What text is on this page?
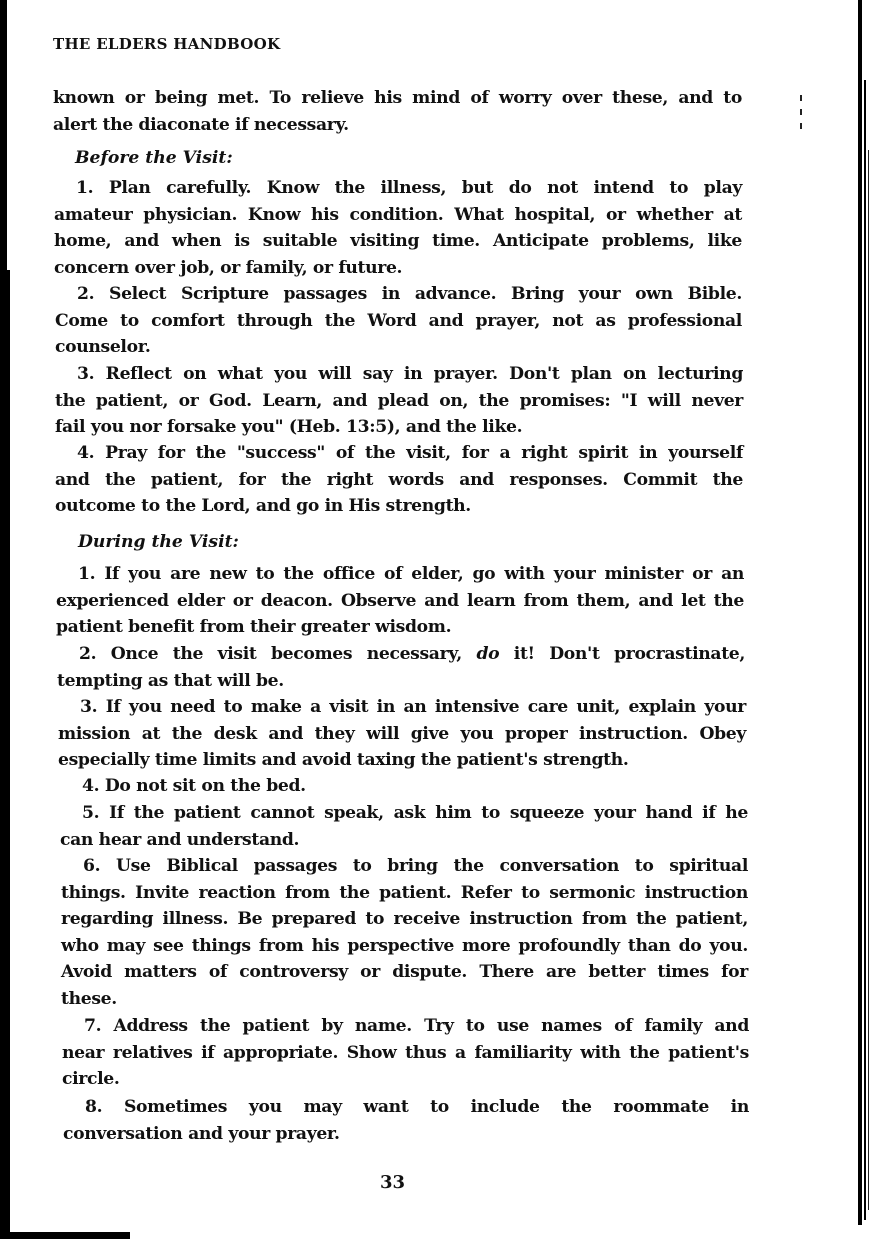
THE ELDERS HANDBOOK
known or being met. To relieve his mind of worry over these, and to
alert the diaconate if necessary.
Before the Visit:
1. Plan carefully. Know the illness, but do not intend to play
amateur physician. Know his condition. What hospital, or whether at
home, and when is suitable visiting time. Anticipate problems, like
concern over job, or family, or future.
2. Select Scripture passages in advance. Bring your own Bible.
Come to comfort through the Word and prayer, not as professional
counselor.
3. Reflect on what you will say in prayer. Don't plan on lecturing
the patient, or God. Learn, and plead on, the promises: "I will never
fail you nor forsake you" (Heb. 13:5), and the like.
4. Pray for the "success" of the visit, for a right spirit in yourself
and the patient, for the right words and responses. Commit the
outcome to the Lord, and go in His strength.
During the Visit:
1. If you are new to the office of elder, go with your minister or an
experienced elder or deacon. Observe and learn from them, and let the
patient benefit from their greater wisdom.
2. Once the visit becomes necessary, do it! Don't procrastinate,
tempting as that will be.
3. If you need to make a visit in an intensive care unit, explain your
mission at the desk and they will give you proper instruction. Obey
especially time limits and avoid taxing the patient's strength.
4. Do not sit on the bed.
5. If the patient cannot speak, ask him to squeeze your hand if he
can hear and understand.
6. Use Biblical passages to bring the conversation to spiritual
things. Invite reaction from the patient. Refer to sermonic instruction
regarding illness. Be prepared to receive instruction from the patient,
who may see things from his perspective more profoundly than do you.
Avoid matters of controversy or dispute. There are better times for
these.
7. Address the patient by name. Try to use names of family and
near relatives if appropriate. Show thus a familiarity with the patient's
circle.
8. Sometimes you may want to include the roommate in
conversation and your prayer.
33
